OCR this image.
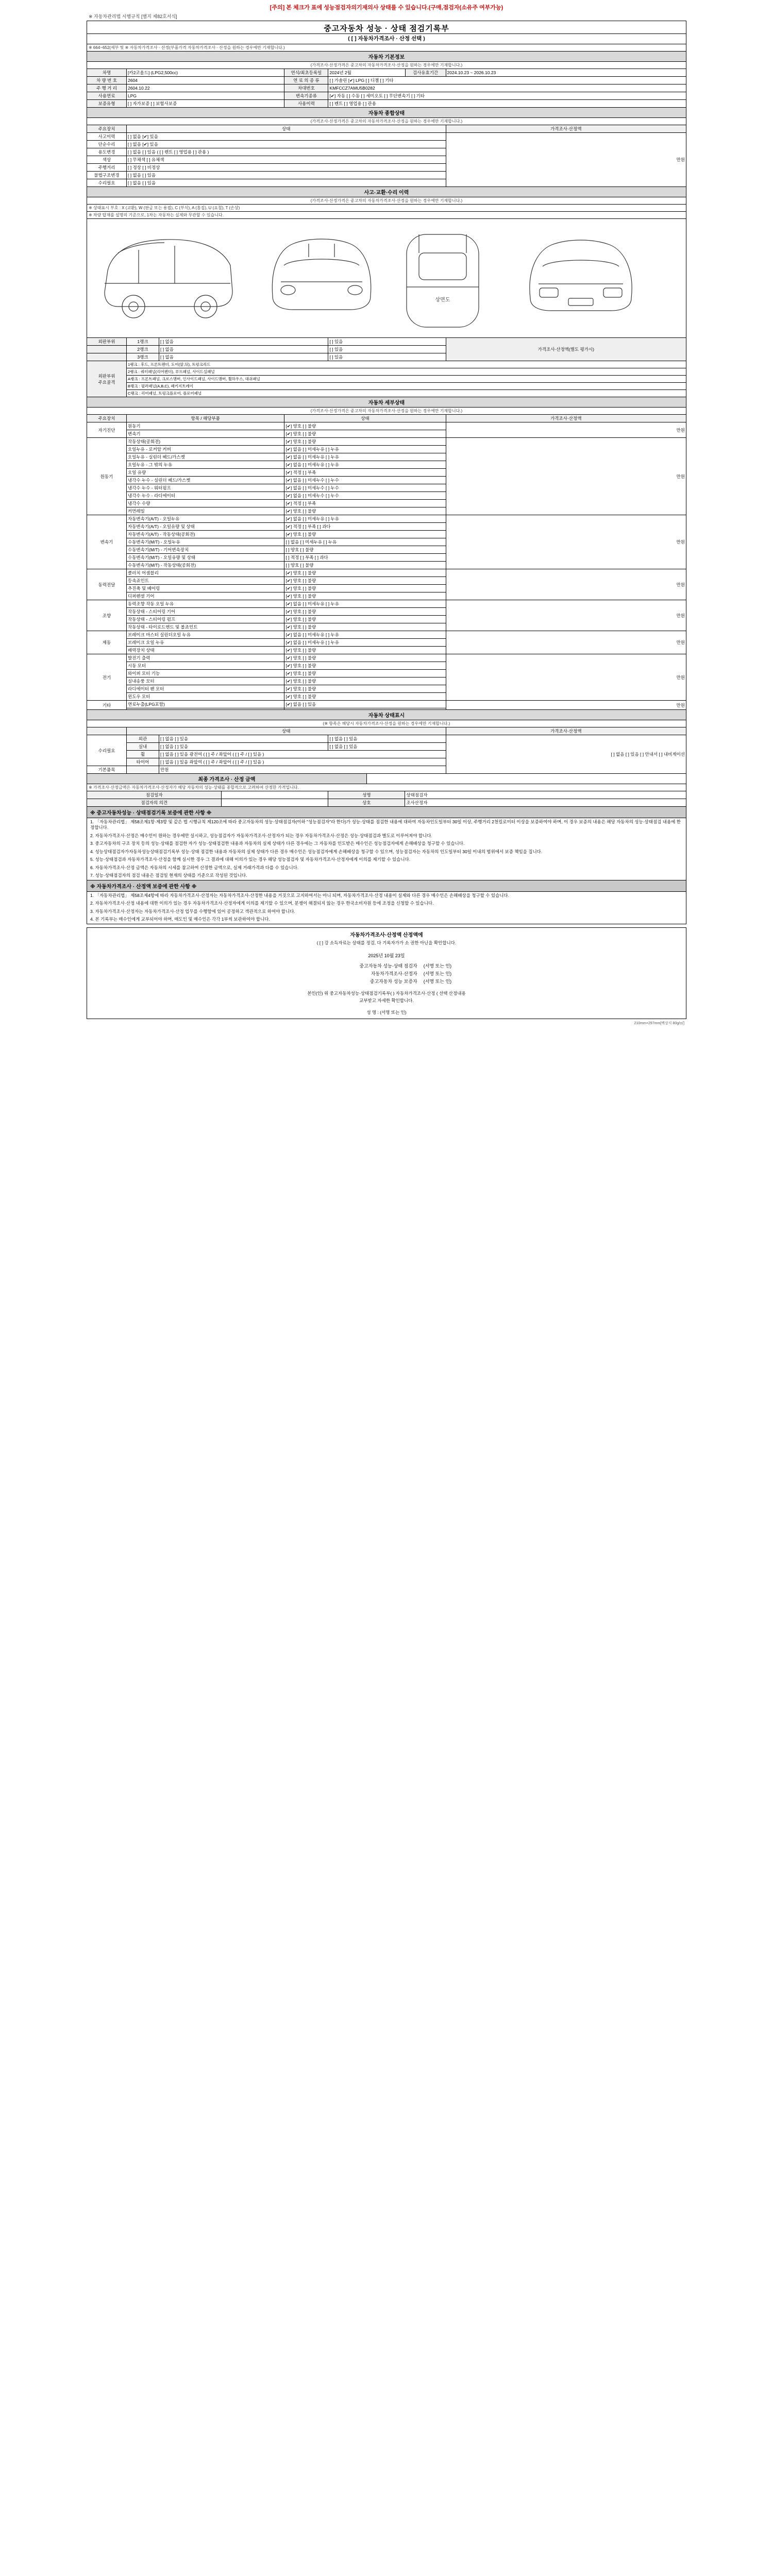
[주의] 본 체크가 표에 성능점검자의기재의사 상태를 수 있습니다.(구매,점검자(소유주 여부가능)
※ 자동차관리법 시행규칙 [별지 제82호서식]
중고자동차 성능 · 상태 점검기록부								
( [ ] 자동차가격조사 · 산정 선택 )								
※ 664~652(세부 및 ※ 자동차가격조사 · 산정(부품가격 자동차가격조사 · 산정을 원하는 경우에만 기재합니다.)								
자동차 기본정보								
(가격조사·산정가격은 중고차의 자동차가격조사·산정을 원하는 경우에만 기재합니다.)								
차명	[카2코올드] (LPG2,500cc)			연식/최초등록일	2024년 2월		검사유효기간	2024.10.23 ~ 2026.10.23
차 량 번 호	2604			연 료 의 종 류	[ ] 가솔린 [✔] LPG [ ] 디젤 [ ] 기타			
주 행 거 리	2604.10.22			차대번호	KMFCCZ7AMU5B0282			
사용연료	LPG			변속기종류	[✔] 자동 [ ] 수동 [ ] 세미오토 [ ] 무단변속기 [ ] 기타			
보증유형	[ ] 자가보증 [ ] 보험사보증			사용이력	[ ] 렌트 [ ] 영업용 [ ] 관용			
자동차 종합상태								
(가격조사·산정가격은 중고차의 자동차가격조사·산정을 원하는 경우에만 기재합니다.)								
주요장치	상태							가격조사·산정액
사고이력	[ ] 없음 [✔] 있음							만원
단순수리	[ ] 없음 [✔] 있음							
용도변경	[ ] 없음 [ ] 있음 ( [ ] 렌트 [ ] 영업용 [ ] 관용 )							
색상	[ ] 무채색 [ ] 유채색							
주행거리	[ ] 정상 [ ] 비정상							
불법구조변경	[ ] 없음 [ ] 있음							
수리필요	[ ] 없음 [ ] 있음							
사고·교환·수리 이력								
(가격조사·산정가격은 중고차의 자동차가격조사·산정을 원하는 경우에만 기재합니다.)								
※ 상태표시 부호 : X (교환), W (판금 또는 용접), C (부식), A (흠집), U (요철), T (손상)								
※ 차량 탑재를 설명의 기준으로, 1차는 자동차는 실제와 무관할 수 있습니다.								

상면도								

외판부위	1랭크	[ ] 없음			[ ] 있음			가격조사·산정액(별도 평가시)
	2랭크	[ ] 없음			[ ] 있음			
	3랭크	[ ] 없음			[ ] 있음			
외판부위
주요골격	1랭크 : 후드, 프론트펜더, 도어(앞,뒤), 트렁크리드							
	2랭크 : 쿼터패널(리어펜더), 루프패널, 사이드실패널							
	A랭크 : 프론트패널, 크로스맴버, 인사이드패널, 사이드맴버, 휠하우스, 대쉬패널							
	B랭크 : 필러패널(A,B,C), 패키지트레이							
	C랭크 : 리어패널, 트렁크플로어, 플로어패널							
자동차 세부상태								
(가격조사·산정가격은 중고차의 자동차가격조사·산정을 원하는 경우에만 기재합니다.)								
주요장치	항목 / 해당부품			상태				가격조사·산정액
자기진단	원동기			[✔] 양호 [ ] 불량				만원
	변속기			[✔] 양호 [ ] 불량				
원동기	작동상태(공회전)			[✔] 양호 [ ] 불량				만원
	오일누유 - 로커암 커버			[✔] 없음 [ ] 미세누유 [ ] 누유				
	오일누유 - 실린더 헤드/가스켓			[✔] 없음 [ ] 미세누유 [ ] 누유				
	오일누유 - 그 밖의 누유			[✔] 없음 [ ] 미세누유 [ ] 누유				
	오일 유량			[✔] 적정 [ ] 부족				
	냉각수 누수 - 실린더 헤드/가스켓			[✔] 없음 [ ] 미세누수 [ ] 누수				
	냉각수 누수 - 워터펌프			[✔] 없음 [ ] 미세누수 [ ] 누수				
	냉각수 누수 - 라디에이터			[✔] 없음 [ ] 미세누수 [ ] 누수				
	냉각수 수량			[✔] 적정 [ ] 부족				
	커먼레일			[✔] 양호 [ ] 불량				
변속기	자동변속기(A/T) - 오일누유			[✔] 없음 [ ] 미세누유 [ ] 누유				만원
	자동변속기(A/T) - 오일유량 및 상태			[✔] 적정 [ ] 부족 [ ] 과다				
	자동변속기(A/T) - 작동상태(공회전)			[✔] 양호 [ ] 불량				
	수동변속기(M/T) - 오일누유			[ ] 없음 [ ] 미세누유 [ ] 누유				
	수동변속기(M/T) - 기어변속장치			[ ] 양호 [ ] 불량				
	수동변속기(M/T) - 오일유량 및 상태			[ ] 적정 [ ] 부족 [ ] 과다				
	수동변속기(M/T) - 작동상태(공회전)			[ ] 양호 [ ] 불량				
동력전달	클러치 어셈블리			[✔] 양호 [ ] 불량				만원
	등속죠인트			[✔] 양호 [ ] 불량				
	추진축 및 베어링			[✔] 양호 [ ] 불량				
	디퍼렌셜 기어			[✔] 양호 [ ] 불량				
조향	동력조향 작동 오일 누유			[✔] 없음 [ ] 미세누유 [ ] 누유				만원
	작동상태 - 스티어링 기어			[✔] 양호 [ ] 불량				
	작동상태 - 스티어링 펌프			[✔] 양호 [ ] 불량				
	작동상태 - 타이로드엔드 및 볼죠인트			[✔] 양호 [ ] 불량				
제동	브레이크 마스터 실린더오일 누유			[✔] 없음 [ ] 미세누유 [ ] 누유				만원
	브레이크 오일 누유			[✔] 없음 [ ] 미세누유 [ ] 누유				
	배력장치 상태			[✔] 양호 [ ] 불량				
전기	발전기 출력			[✔] 양호 [ ] 불량				만원
	시동 모터			[✔] 양호 [ ] 불량				
	와이퍼 모터 기능			[✔] 양호 [ ] 불량				
	실내송풍 모터			[✔] 양호 [ ] 불량				
	라디에이터 팬 모터			[✔] 양호 [ ] 불량				
	윈도우 모터			[✔] 양호 [ ] 불량				
기타	연료누출(LPG포함)			[✔] 없음 [ ] 있음				만원

자동차 상태표시								
(※ 항목은 해당시 자동차가격조사·산정을 원하는 경우에만 기재합니다.)								
	상태							가격조사·산정액
수리필요	외관	[ ] 없음 [ ] 있음			[ ] 없음 [ ] 있음			[ ] 없음 [ ] 있음 [ ] 안내서 [ ] 내비게이션
	실내	[ ] 없음 [ ] 있음			[ ] 없음 [ ] 있음			
	휠	[ ] 없음 [ ] 있음 광전여 ( [ ] 주 / 좌앞어 ( [ ] 주 / [ ] 있음 )						
	타이어	[ ] 없음 [ ] 있음 좌앞여 ( [ ] 주 / 좌앞어 ( [ ] 주 / [ ] 있음 )						
기본품목		만원						
최종 가격조사 · 산정 금액								
※ 가격조사·산정금액은 자동차가격조사·산정자가 해당 자동차의 성능·상태를 종합적으로 고려하여 산정한 가격입니다.								
점검일자					성명		상태점검자	
점검자의 의견					상호		조사산정자	
※ 중고자동차성능 · 상태점검기록 보증에 관한 사항 ※
1. 「자동차관리법」 제58조제1항·제3항 및 같은 법 시행규칙 제120조에 따라 중고자동차의 성능·상태점검자(이하 "성능점검자"라 한다)가 성능·상태를 점검한 내용에 대하여 자동차인도일부터 30일 이상, 주행거리 2천킬로미터 이상을 보증하여야 하며, 이 경우 보증의 내용은 해당 자동차의 성능·상태점검 내용에 한정합니다.
2. 자동차가격조사·산정은 매수인이 원하는 경우에만 실시하고, 성능점검자가 자동차가격조사·산정자가 되는 경우 자동차가격조사·산정은 성능·상태점검과 별도로 이루어져야 합니다.
3. 중고자동차의 구조 장치 등의 성능·상태를 점검한 자가 성능·상태점검한 내용과 자동차의 실제 상태가 다른 경우에는 그 자동차를 인도받은 매수인은 성능점검자에게 손해배상을 청구할 수 있습니다.
4. 성능상태점검자가자동차성능상태점검기록부 성능·상태 점검한 내용과 자동차의 실제 상태가 다른 경우 매수인은 성능점검자에게 손해배상을 청구할 수 있으며, 성능점검자는 자동차의 인도일부터 30일 이내의 범위에서 보증 책임을 집니다.
5. 성능·상태점검과 자동차가격조사·산정을 함께 실시한 경우 그 결과에 대해 이의가 있는 경우 해당 성능점검자 및 자동차가격조사·산정자에게 이의를 제기할 수 있습니다.
6. 자동차가격조사·산정 금액은 자동차의 시세를 참고하여 산정한 금액으로, 실제 거래가격과 다를 수 있습니다.
7. 성능·상태점검자의 점검 내용은 점검일 현재의 상태를 기준으로 작성된 것입니다.
※ 자동차가격조사 · 산정액 보증에 관한 사항 ※
1. 「자동차관리법」 제58조제4항에 따라 자동차가격조사·산정자는 자동차가격조사·산정한 내용을 거짓으로 고지하여서는 아니 되며, 자동차가격조사·산정 내용이 실제와 다른 경우 매수인은 손해배상을 청구할 수 있습니다.
2. 자동차가격조사·산정 내용에 대한 이의가 있는 경우 자동차가격조사·산정자에게 이의를 제기할 수 있으며, 분쟁이 해결되지 않는 경우 한국소비자원 등에 조정을 신청할 수 있습니다.
3. 자동차가격조사·산정자는 자동차가격조사·산정 업무를 수행함에 있어 공정하고 객관적으로 하여야 합니다.
4. 본 기록부는 매수인에게 교부되어야 하며, 매도인 및 매수인은 각각 1부씩 보관하여야 합니다.
자동차가격조사·산정액 산정액에
( [ ] 강 소득자료는 상태를 정검, 다 기록자가가 소 권한 아닌을 확인합니다.
2025년 10월 23일

중고자동차 성능·상태 점검자	(서명 또는 인)
자동차가격조사·산정자	(서명 또는 인)
중고자동차 성능 보증자	(서명 또는 인)

본인(인) 위 중고자동차성능·상태점검기록부( ) 자동차가격조사·산정 ( 선택 산정내용
교부받고 자세한 확인합니다.
성 명 : (서명 또는 인)
210mm×297mm[백상지 80g/㎡]
